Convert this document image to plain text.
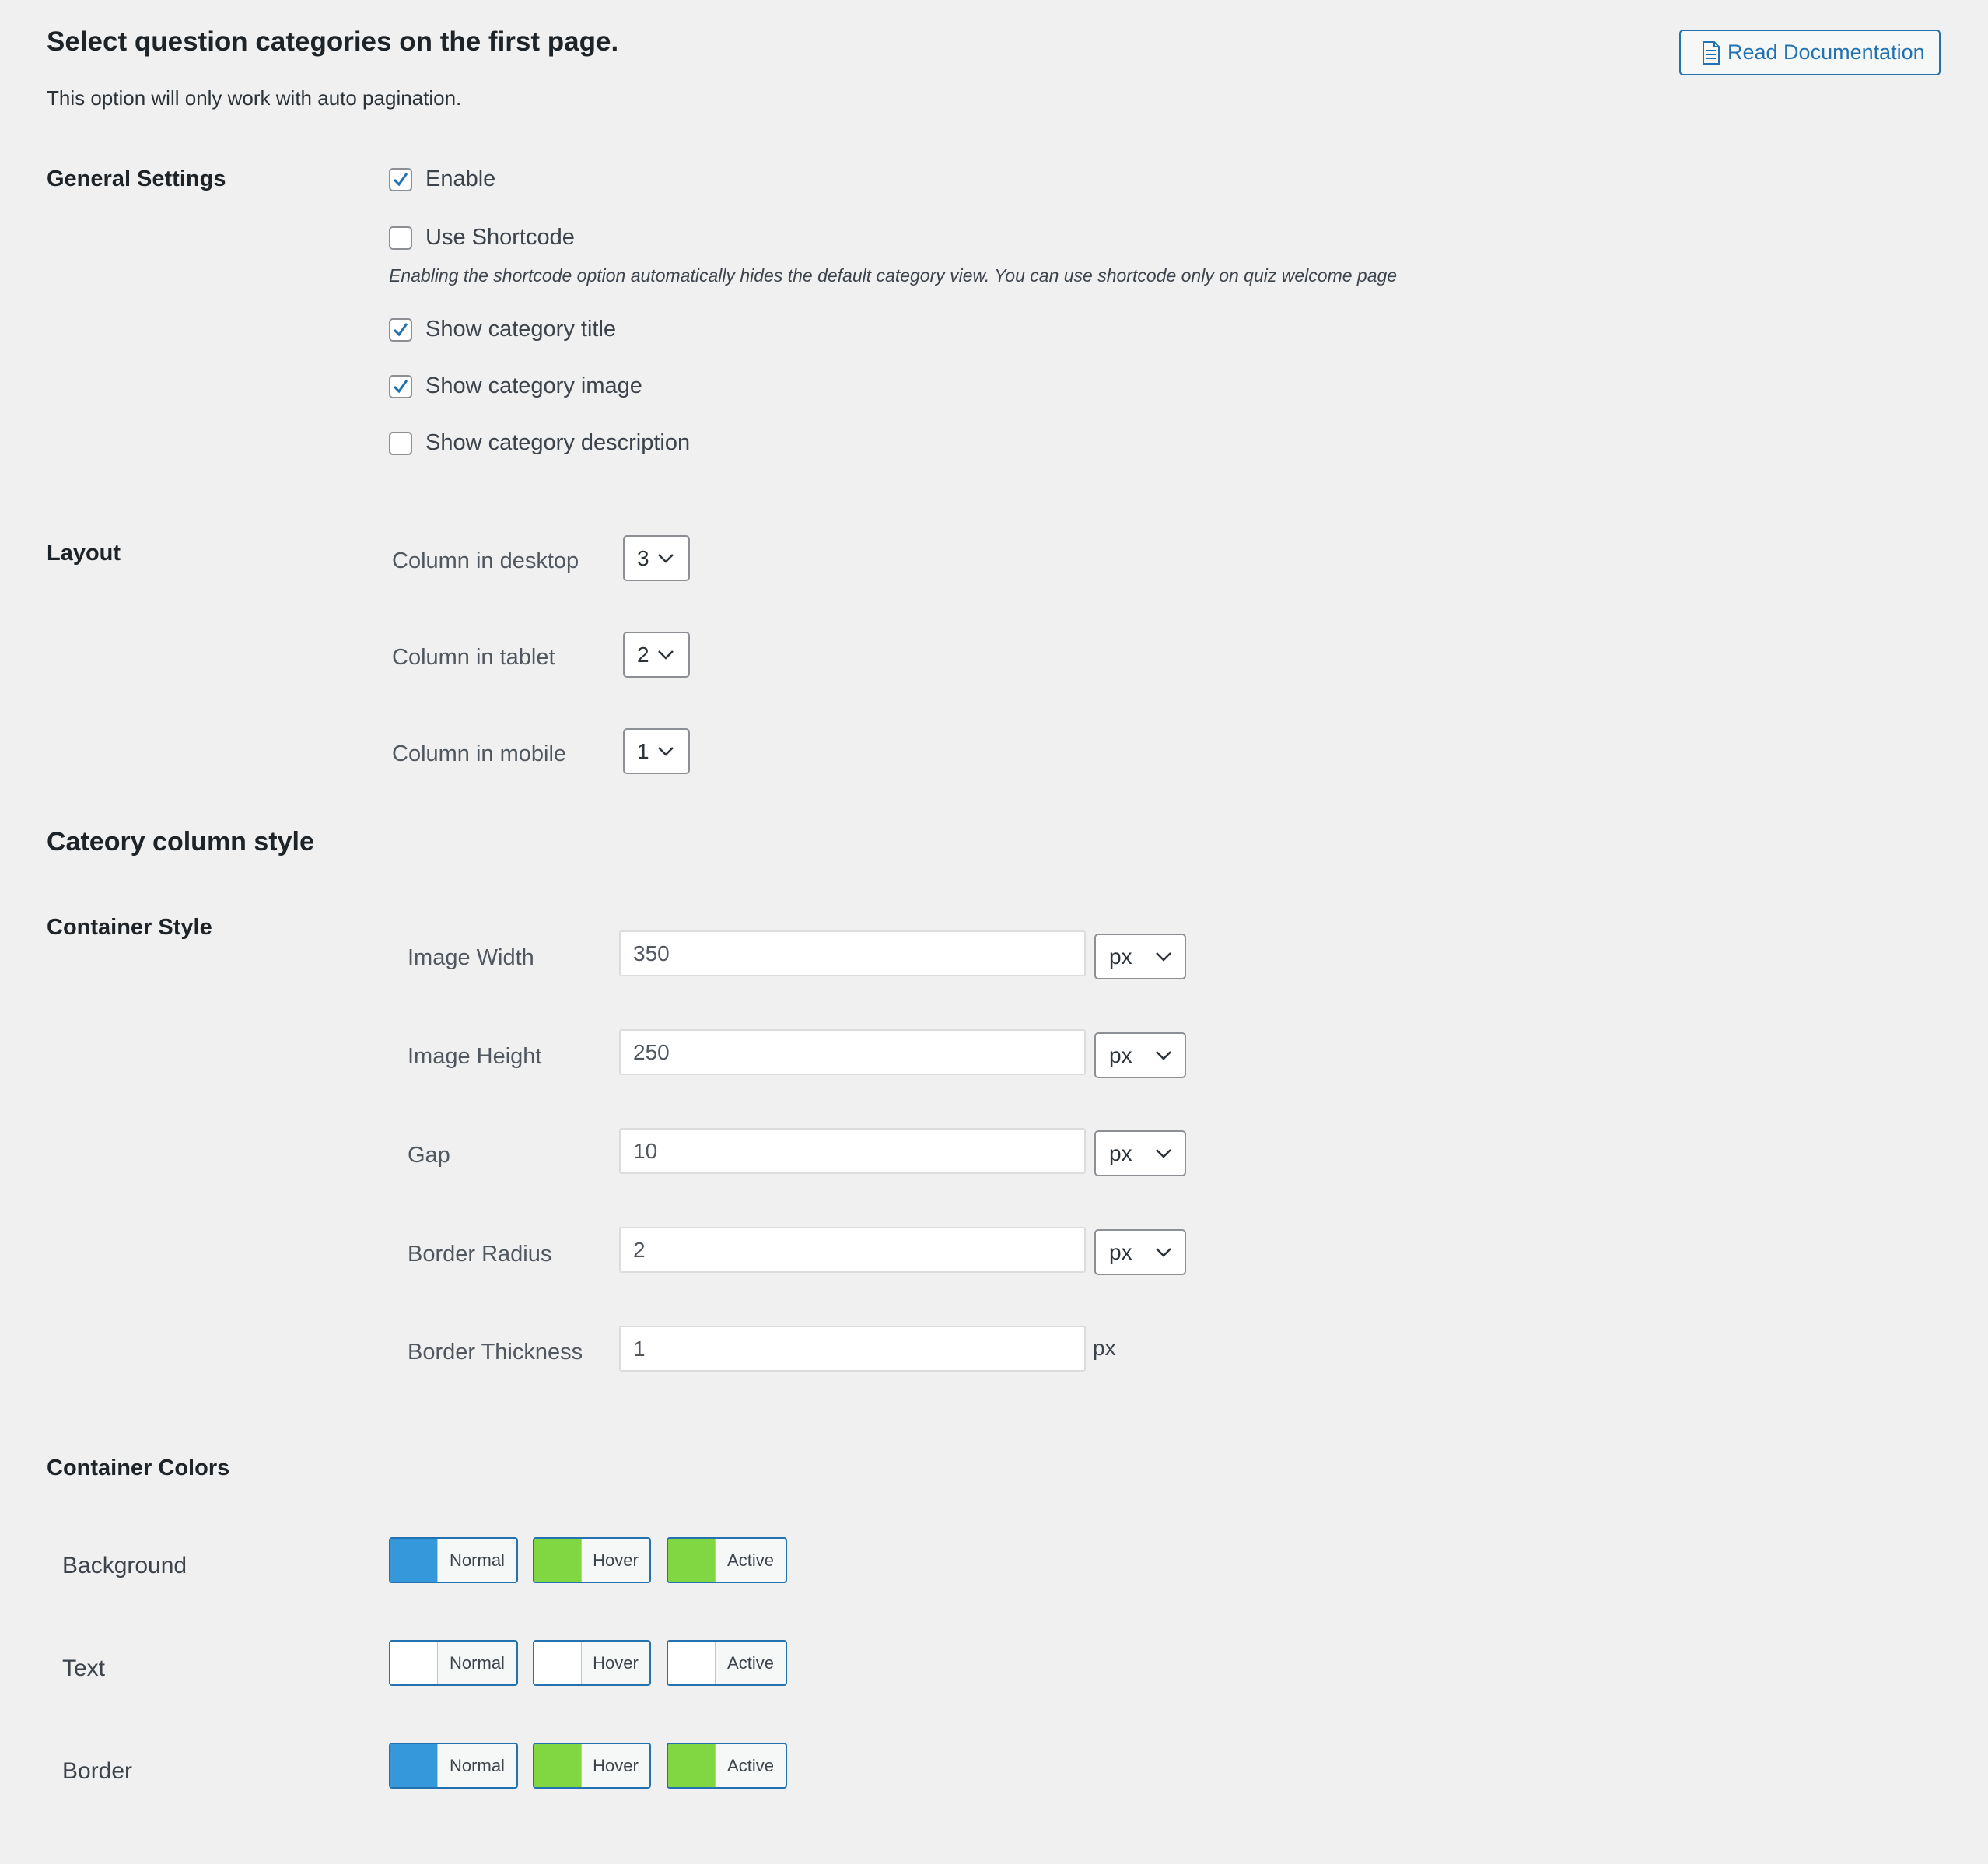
Select question categories on the first page.
This option will only work with auto pagination.
Read Documentation
General Settings	Enable
Use Shortcode
Enabling the shortcode option automatically hides the default category view. You can use shortcode only on quiz welcome page
Show category title
Show category image
Show category description
Layout	Column in desktop	3
Column in tablet	2
Column in mobile	1
Cateory column style
Container Style
Image Width	350	px
Image Height	250	px
Gap	10	px
Border Radius	2	px
Border Thickness	1	px
Container Colors
Background	Normal	Hover	Active
Text	Normal	Hover	Active
Border	Normal	Hover	Active
